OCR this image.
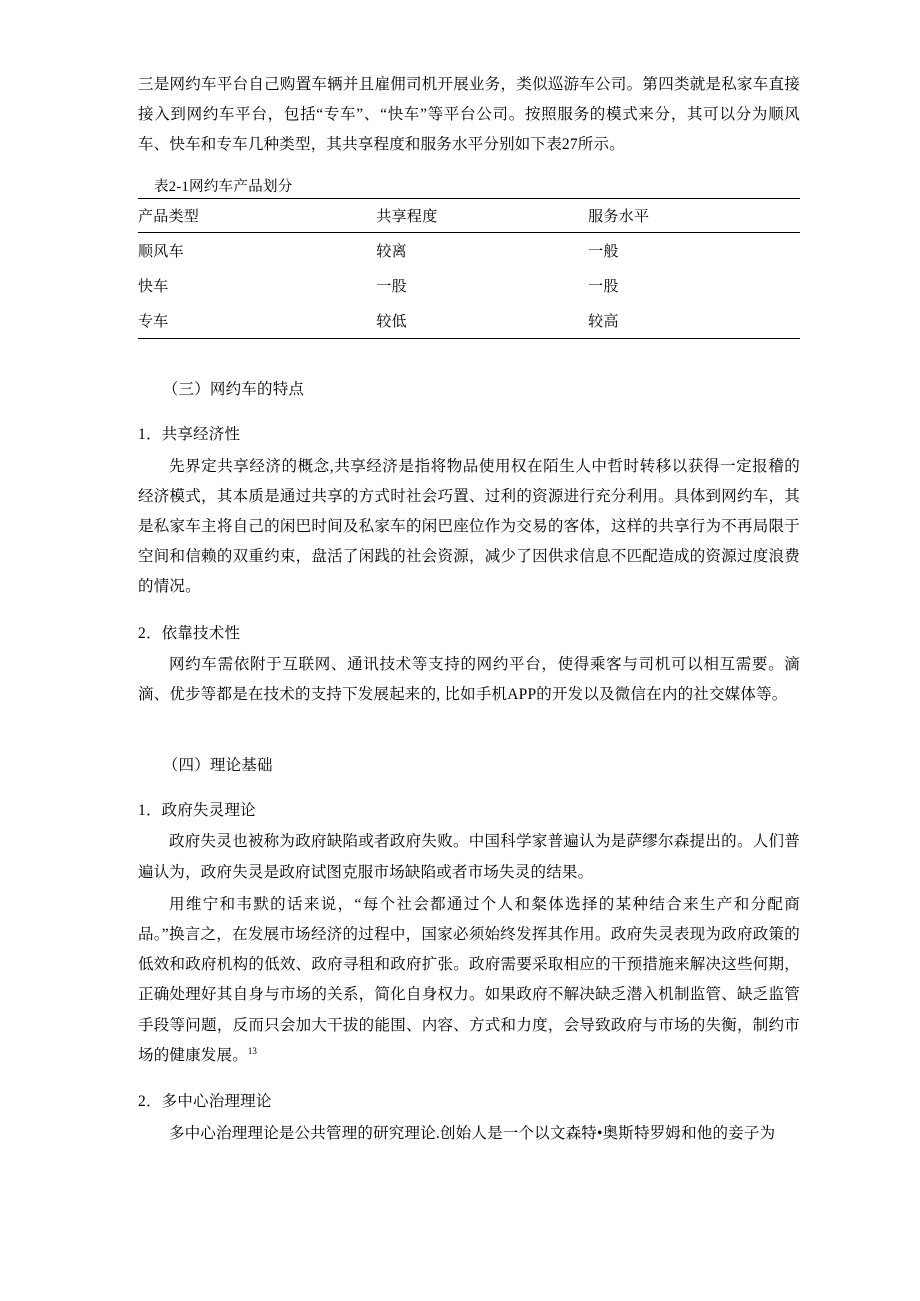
三是网约车平台自己购置车辆并且雇佣司机开展业务，类似巡游车公司。第四类就是私家车直接接入到网约车平台，包括“专车”、“快车”等平台公司。按照服务的模式来分，其可以分为顺风车、快车和专车几种类型，其共享程度和服务水平分别如下表27所示。

表2-1网约车产品划分
产品类型	共享程度	服务水平
顺风车	较离	一般
快车	一股	一股
专车	较低	较高

（三）网约车的特点

1．共享经济性

先界定共享经济的概念,共享经济是指将物品使用权在陌生人中哲时转移以获得一定报稽的经济模式，其本质是通过共享的方式时社会巧置、过利的资源进行充分利用。具体到网约车，其是私家车主将自己的闲巴时间及私家车的闲巴座位作为交易的客体，这样的共享行为不再局限于空间和信赖的双重约束，盘活了闲践的社会资源，减少了因供求信息不匹配造成的资源过度浪费的情况。

2．依靠技术性

网约车需依附于互联网、通讯技术等支持的网约平台，使得乘客与司机可以相互需要。滴滴、优步等都是在技术的支持下发展起来的, 比如手机APP的开发以及微信在内的社交媒体等。

（四）理论基础

1．政府失灵理论

政府失灵也被称为政府缺陷或者政府失败。中国科学家普遍认为是萨缪尔森提出的。人们普遍认为，政府失灵是政府试图克服市场缺陷或者市场失灵的结果。

用维宁和韦默的话来说，“每个社会都通过个人和粲体选择的某种结合来生产和分配商品。”换言之，在发展市场经济的过程中，国家必须始终发挥其作用。政府失灵表现为政府政策的低效和政府机构的低效、政府寻租和政府扩张。政府需要采取相应的干预措施来解决这些何期，正确处理好其自身与市场的关系，简化自身权力。如果政府不解决缺乏潜入机制监管、缺乏监管手段等问题，反而只会加大干拔的能围、内容、方式和力度，会导致政府与市场的失衡，制约市场的健康发展。$^{13}$

2．多中心治理理论

多中心治理理论是公共管理的研究理论.创始人是一个以文森特•奥斯特罗姆和他的妾子为
